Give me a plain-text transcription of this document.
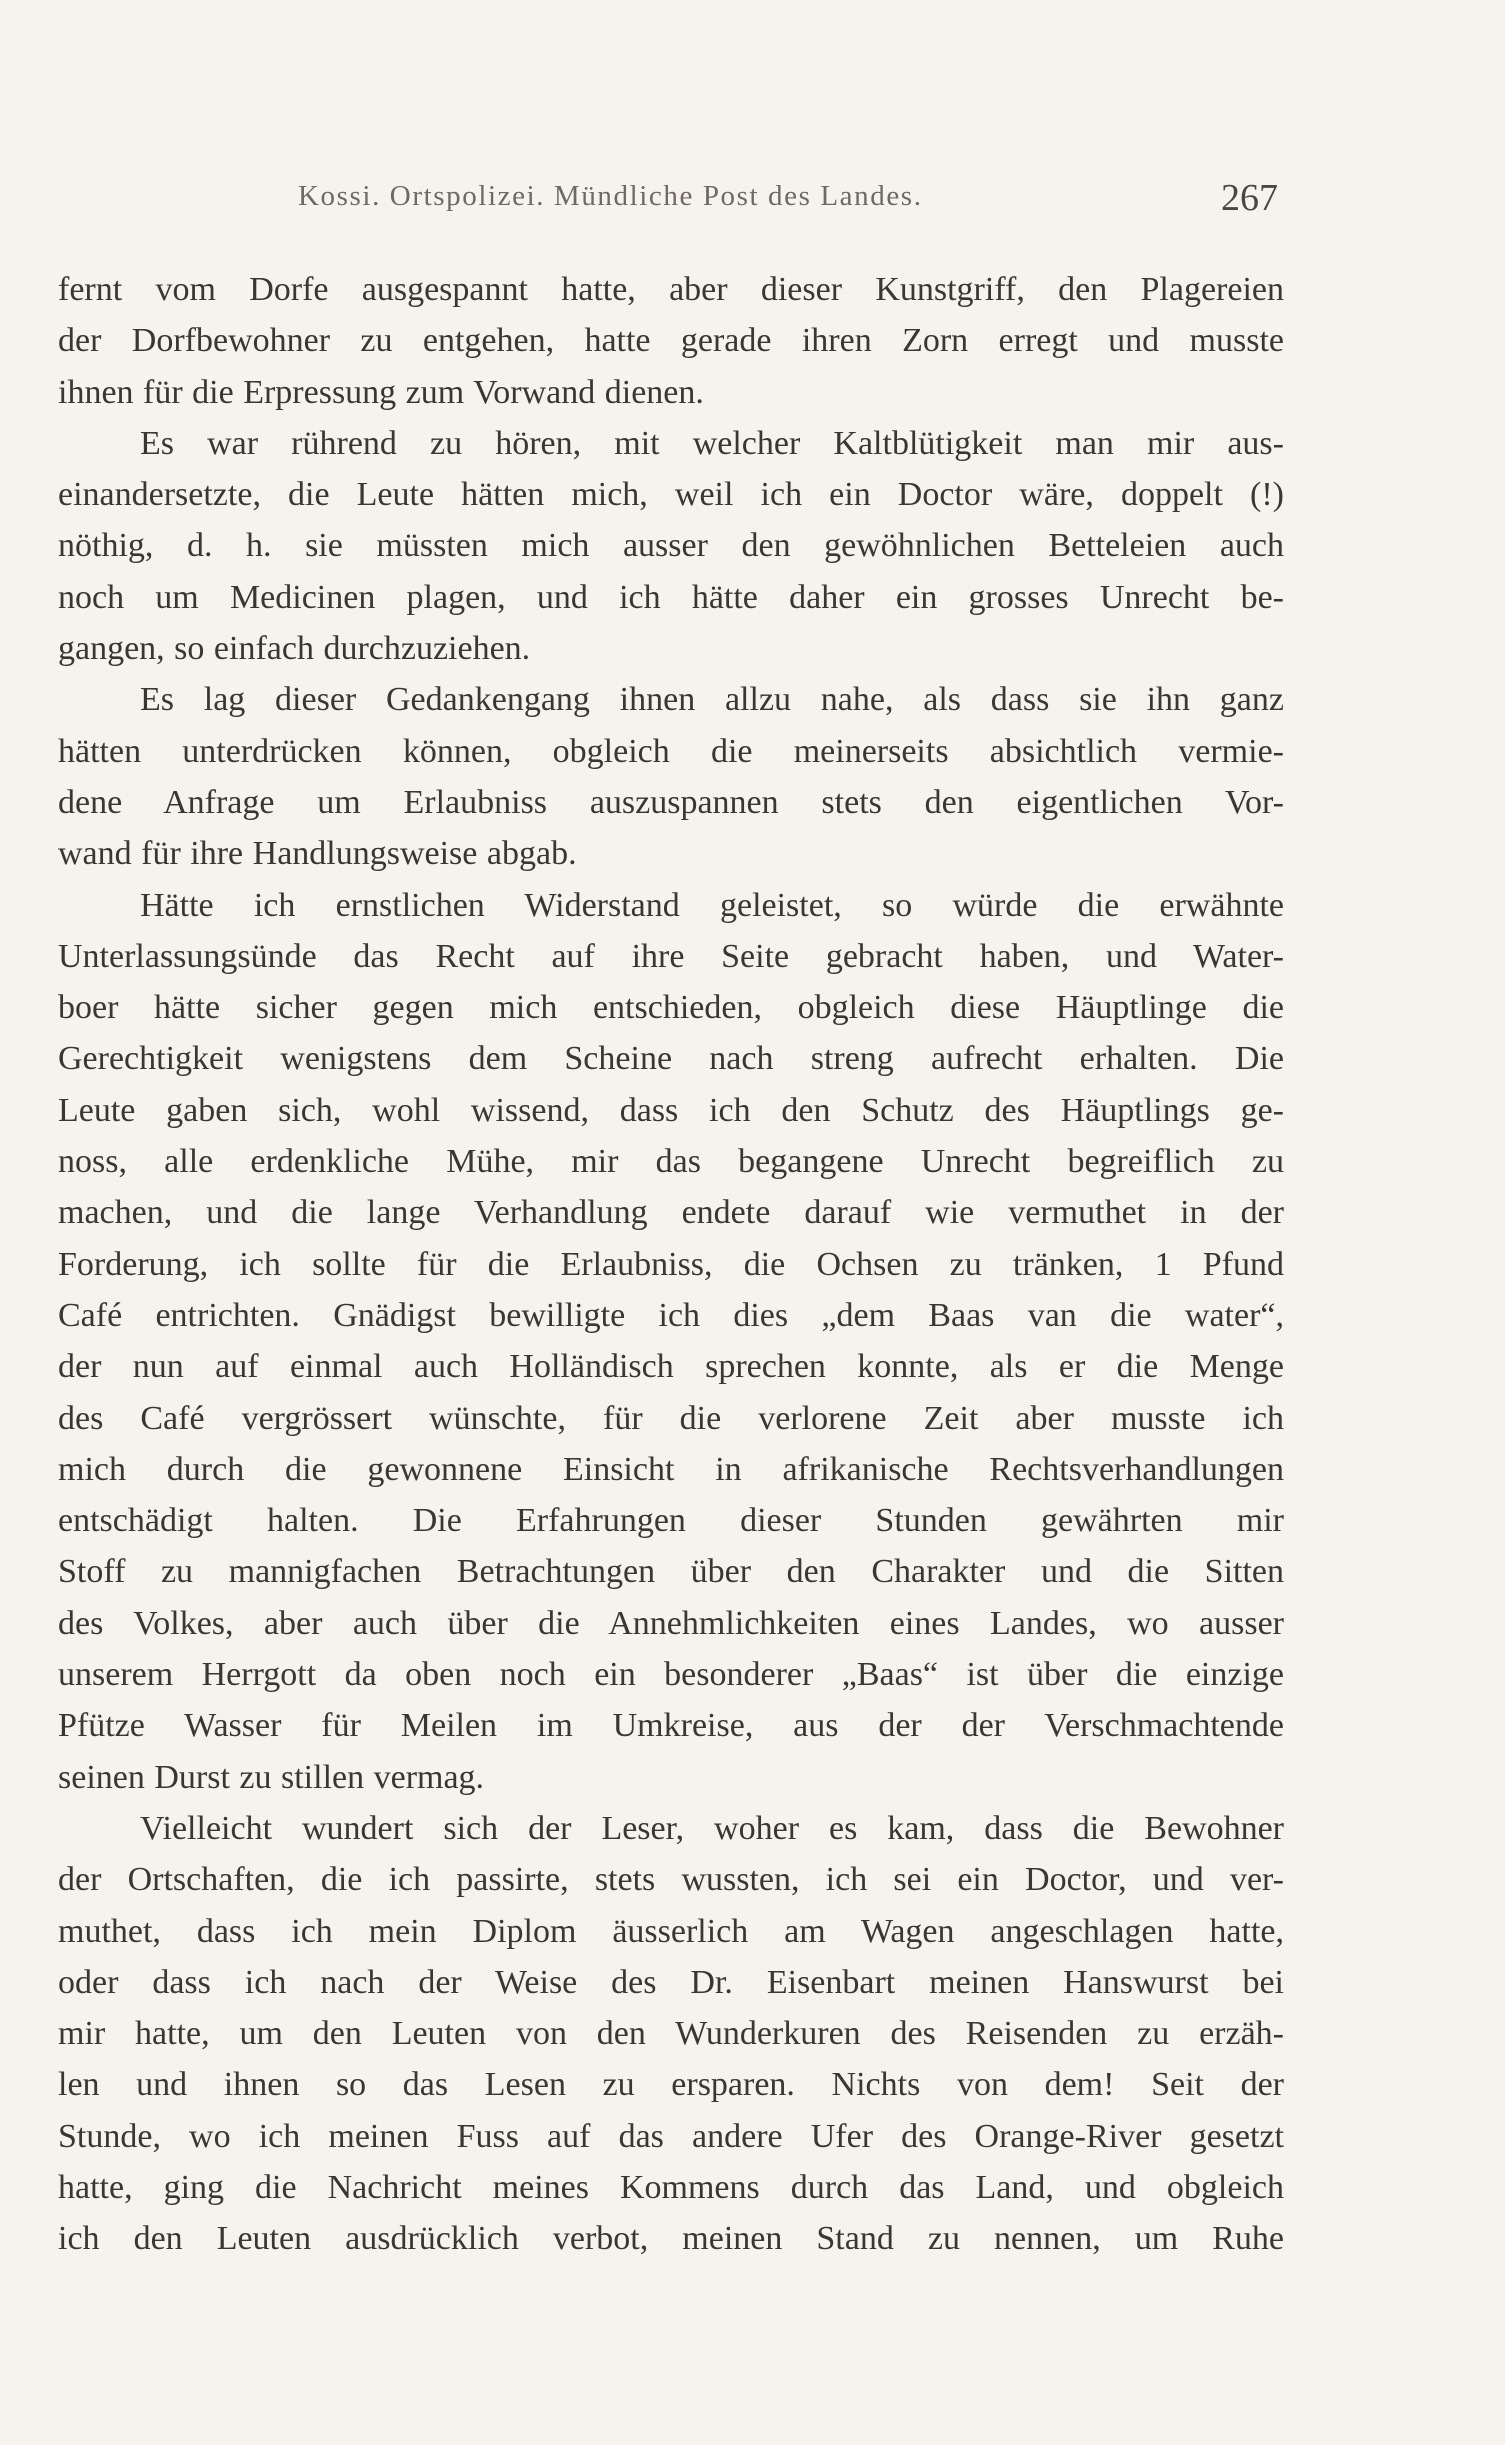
Kossi. Ortspolizei. Mündliche Post des Landes.	267
fernt vom Dorfe ausgespannt hatte, aber dieser Kunstgriff, den Plagereien
der Dorfbewohner zu entgehen, hatte gerade ihren Zorn erregt und musste
ihnen für die Erpressung zum Vorwand dienen.
Es war rührend zu hören, mit welcher Kaltblütigkeit man mir aus-
einandersetzte, die Leute hätten mich, weil ich ein Doctor wäre, doppelt (!)
nöthig, d. h. sie müssten mich ausser den gewöhnlichen Betteleien auch
noch um Medicinen plagen, und ich hätte daher ein grosses Unrecht be-
gangen, so einfach durchzuziehen.
Es lag dieser Gedankengang ihnen allzu nahe, als dass sie ihn ganz
hätten unterdrücken können, obgleich die meinerseits absichtlich vermie-
dene Anfrage um Erlaubniss auszuspannen stets den eigentlichen Vor-
wand für ihre Handlungsweise abgab.
Hätte ich ernstlichen Widerstand geleistet, so würde die erwähnte
Unterlassungsünde das Recht auf ihre Seite gebracht haben, und Water-
boer hätte sicher gegen mich entschieden, obgleich diese Häuptlinge die
Gerechtigkeit wenigstens dem Scheine nach streng aufrecht erhalten. Die
Leute gaben sich, wohl wissend, dass ich den Schutz des Häuptlings ge-
noss, alle erdenkliche Mühe, mir das begangene Unrecht begreiflich zu
machen, und die lange Verhandlung endete darauf wie vermuthet in der
Forderung, ich sollte für die Erlaubniss, die Ochsen zu tränken, 1 Pfund
Café entrichten. Gnädigst bewilligte ich dies „dem Baas van die water“,
der nun auf einmal auch Holländisch sprechen konnte, als er die Menge
des Café vergrössert wünschte, für die verlorene Zeit aber musste ich
mich durch die gewonnene Einsicht in afrikanische Rechtsverhandlungen
entschädigt halten. Die Erfahrungen dieser Stunden gewährten mir
Stoff zu mannigfachen Betrachtungen über den Charakter und die Sitten
des Volkes, aber auch über die Annehmlichkeiten eines Landes, wo ausser
unserem Herrgott da oben noch ein besonderer „Baas“ ist über die einzige
Pfütze Wasser für Meilen im Umkreise, aus der der Verschmachtende
seinen Durst zu stillen vermag.
Vielleicht wundert sich der Leser, woher es kam, dass die Bewohner
der Ortschaften, die ich passirte, stets wussten, ich sei ein Doctor, und ver-
muthet, dass ich mein Diplom äusserlich am Wagen angeschlagen hatte,
oder dass ich nach der Weise des Dr. Eisenbart meinen Hanswurst bei
mir hatte, um den Leuten von den Wunderkuren des Reisenden zu erzäh-
len und ihnen so das Lesen zu ersparen. Nichts von dem! Seit der
Stunde, wo ich meinen Fuss auf das andere Ufer des Orange-River gesetzt
hatte, ging die Nachricht meines Kommens durch das Land, und obgleich
ich den Leuten ausdrücklich verbot, meinen Stand zu nennen, um Ruhe
